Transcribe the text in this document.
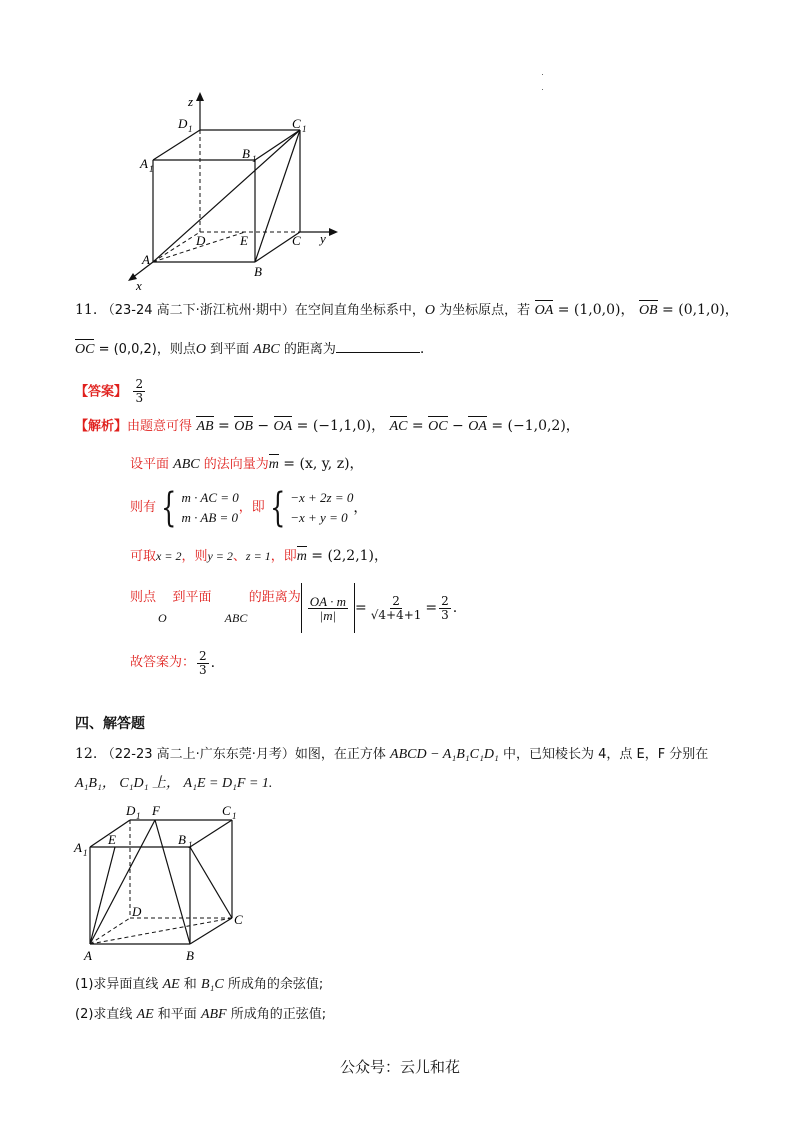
z
y
x
D 1	C 1
A 1
B 1
D	E	C
A
B
11. （23-24 高二下·浙江杭州·期中）在空间直角坐标系中，O 为坐标原点，若 OA = (1,0,0)， OB = (0,1,0)，
OC = (0,0,2)，则点O 到平面 ABC 的距离为	.
【答案】 $\frac{2}{3}$
【解析】由题意可得 AB = OB − OA = (−1,1,0)， AC = OC − OA = (−1,0,2)，
设平面 ABC 的法向量为m = (x, y, z)，
则有 { m · AC = 0
m · AB = 0
，即 { −x + 2z = 0
−x + y = 0
，
可取x = 2，则y = 2、z = 1，即m = (2,2,1)，
则点 到平面	的距离为
O	ABC	$\frac{OA \cdot m}{|m|} = \frac{2}{√4+4+1} = \frac{2}{3}$ .
故答案为： $\frac{2}{3}$ .
四、解答题
12. （22-23 高二上·广东东莞·月考）如图，在正方体 ABCD − A₁B₁C₁D₁ 中，已知棱长为 4，点 E，F 分别在
A₁B₁， C₁D₁ 上， A₁E = D₁F = 1.
D 1 F	C 1
A 1
E	B 1
D
C
A	B
(1)求异面直线 AE 和 B₁C 所成角的余弦值;
(2)求直线 AE 和平面 ABF 所成角的正弦值;
公众号：云儿和花
